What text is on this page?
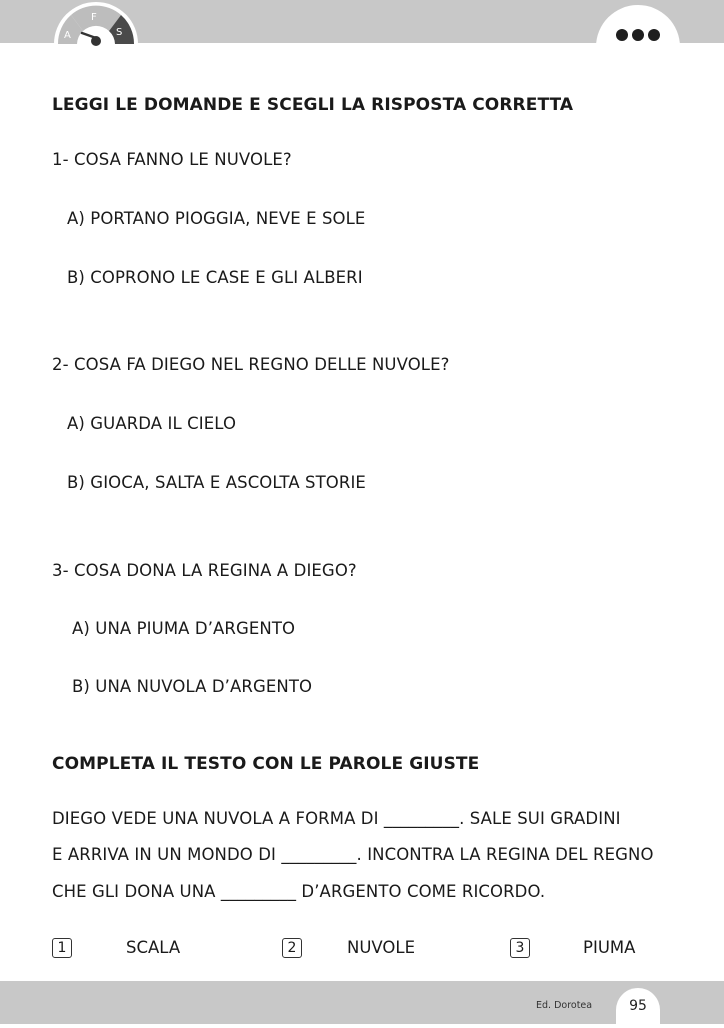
A
F
S
LEGGI LE DOMANDE E SCEGLI LA RISPOSTA CORRETTA
1- COSA FANNO LE NUVOLE?
A) PORTANO PIOGGIA, NEVE E SOLE
B) COPRONO LE CASE E GLI ALBERI
2- COSA FA DIEGO NEL REGNO DELLE NUVOLE?
A) GUARDA IL CIELO
B) GIOCA, SALTA E ASCOLTA STORIE
3- COSA DONA LA REGINA A DIEGO?
A) UNA PIUMA D’ARGENTO
B) UNA NUVOLA D’ARGENTO
COMPLETA IL TESTO CON LE PAROLE GIUSTE
DIEGO VEDE UNA NUVOLA A FORMA DI _________. SALE SUI GRADINI
E ARRIVA IN UN MONDO DI _________. INCONTRA LA REGINA DEL REGNO
CHE GLI DONA UNA _________ D’ARGENTO COME RICORDO.
1	SCALA	2	NUVOLE	3	PIUMA
Ed. Dorotea	95
